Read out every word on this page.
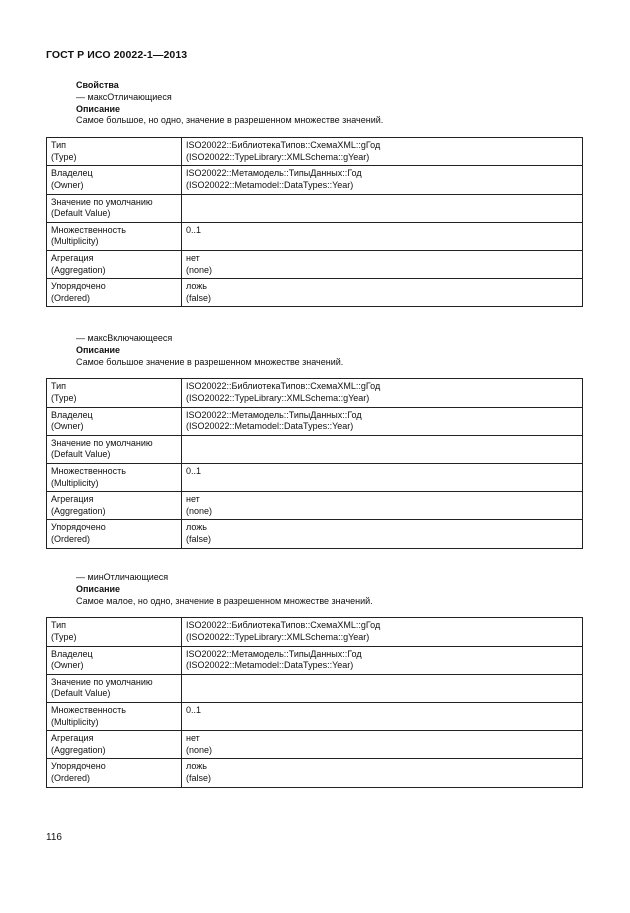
ГОСТ Р ИСО 20022-1—2013
Свойства
— максОтличающиеся
Описание
Самое большое, но одно, значение в разрешенном множестве значений.
Тип
(Type)	ISO20022::БиблиотекаТипов::СхемаXML::gГод
(ISO20022::TypeLibrary::XMLSchema::gYear)

Владелец
(Owner)	ISO20022::Метамодель::ТипыДанных::Год
(ISO20022::Metamodel::DataTypes::Year)

Значение по умолчанию
(Default Value)	

Множественность
(Multiplicity)	0..1

Агрегация
(Aggregation)	нет
(none)

Упорядочено
(Ordered)	ложь
(false)
— максВключающееся
Описание
Самое большое значение в разрешенном множестве значений.
Тип
(Type)	ISO20022::БиблиотекаТипов::СхемаXML::gГод
(ISO20022::TypeLibrary::XMLSchema::gYear)

Владелец
(Owner)	ISO20022::Метамодель::ТипыДанных::Год
(ISO20022::Metamodel::DataTypes::Year)

Значение по умолчанию
(Default Value)	

Множественность
(Multiplicity)	0..1

Агрегация
(Aggregation)	нет
(none)

Упорядочено
(Ordered)	ложь
(false)
— минОтличающиеся
Описание
Самое малое, но одно, значение в разрешенном множестве значений.
Тип
(Type)	ISO20022::БиблиотекаТипов::СхемаXML::gГод
(ISO20022::TypeLibrary::XMLSchema::gYear)

Владелец
(Owner)	ISO20022::Метамодель::ТипыДанных::Год
(ISO20022::Metamodel::DataTypes::Year)

Значение по умолчанию
(Default Value)	

Множественность
(Multiplicity)	0..1

Агрегация
(Aggregation)	нет
(none)

Упорядочено
(Ordered)	ложь
(false)
116
